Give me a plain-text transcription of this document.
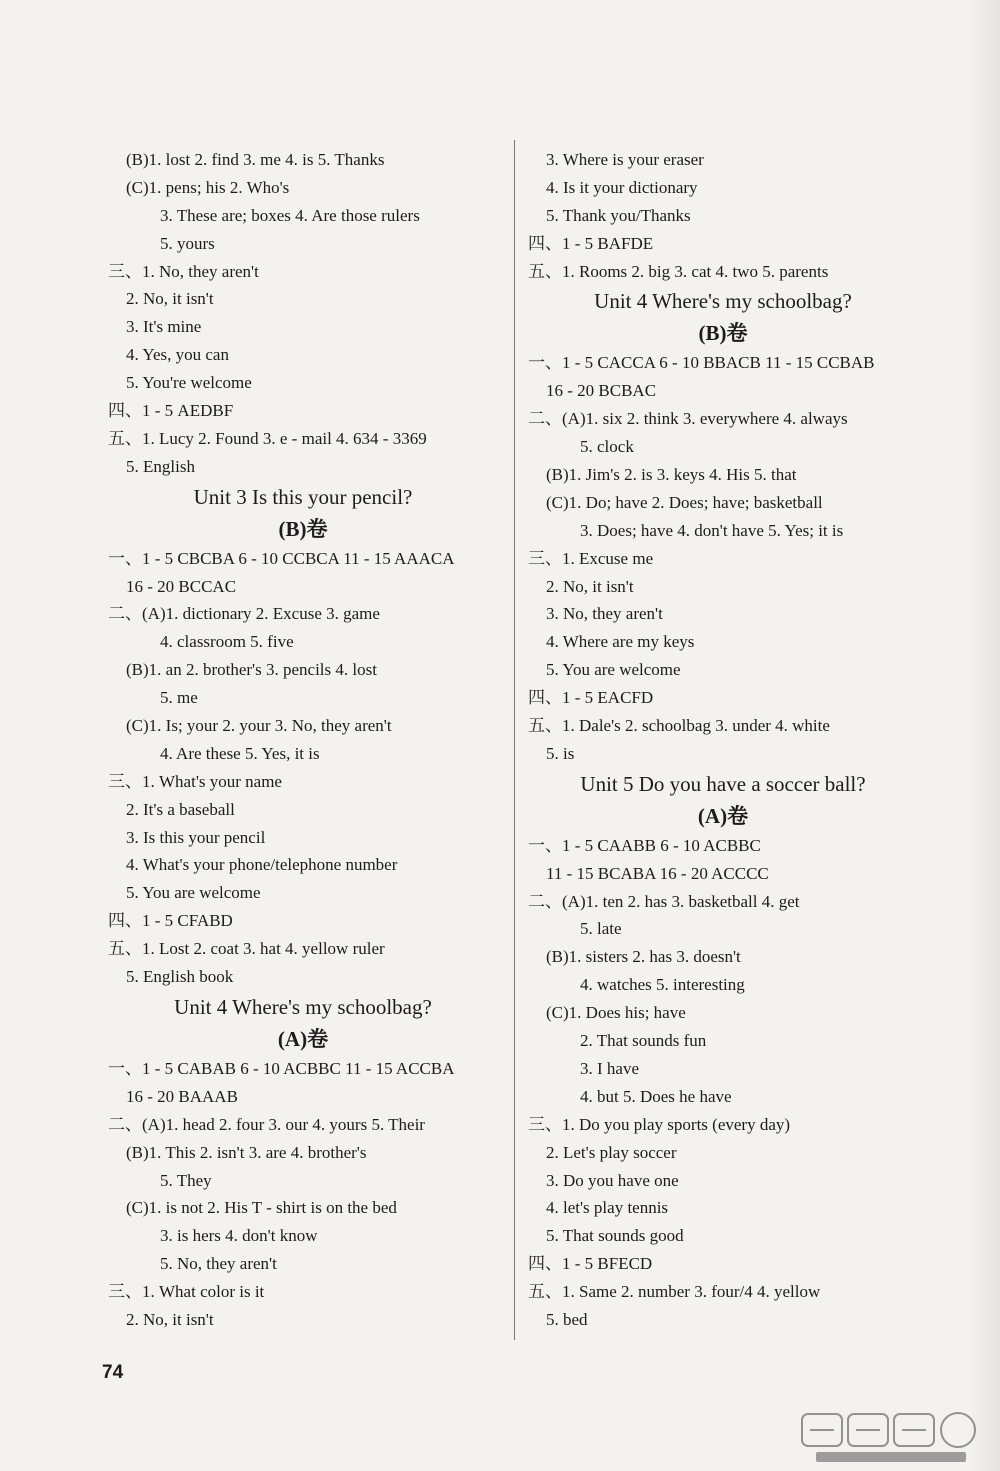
(B)1. lost 2. find 3. me 4. is 5. Thanks
(C)1. pens; his 2. Who's
3. These are; boxes 4. Are those rulers
5. yours
三、1. No, they aren't
2. No, it isn't
3. It's mine
4. Yes, you can
5. You're welcome
四、1 - 5 AEDBF
五、1. Lucy 2. Found 3. e - mail 4. 634 - 3369
5. English
Unit 3 Is this your pencil?
(B)卷
一、1 - 5 CBCBA 6 - 10 CCBCA 11 - 15 AAACA
16 - 20 BCCAC
二、(A)1. dictionary 2. Excuse 3. game
4. classroom 5. five
(B)1. an 2. brother's 3. pencils 4. lost
5. me
(C)1. Is; your 2. your 3. No, they aren't
4. Are these 5. Yes, it is
三、1. What's your name
2. It's a baseball
3. Is this your pencil
4. What's your phone/telephone number
5. You are welcome
四、1 - 5 CFABD
五、1. Lost 2. coat 3. hat 4. yellow ruler
5. English book
Unit 4 Where's my schoolbag?
(A)卷
一、1 - 5 CABAB 6 - 10 ACBBC 11 - 15 ACCBA
16 - 20 BAAAB
二、(A)1. head 2. four 3. our 4. yours 5. Their
(B)1. This 2. isn't 3. are 4. brother's
5. They
(C)1. is not 2. His T - shirt is on the bed
3. is hers 4. don't know
5. No, they aren't
三、1. What color is it
2. No, it isn't
3. Where is your eraser
4. Is it your dictionary
5. Thank you/Thanks
四、1 - 5 BAFDE
五、1. Rooms 2. big 3. cat 4. two 5. parents
Unit 4 Where's my schoolbag?
(B)卷
一、1 - 5 CACCA 6 - 10 BBACB 11 - 15 CCBAB
16 - 20 BCBAC
二、(A)1. six 2. think 3. everywhere 4. always
5. clock
(B)1. Jim's 2. is 3. keys 4. His 5. that
(C)1. Do; have 2. Does; have; basketball
3. Does; have 4. don't have 5. Yes; it is
三、1. Excuse me
2. No, it isn't
3. No, they aren't
4. Where are my keys
5. You are welcome
四、1 - 5 EACFD
五、1. Dale's 2. schoolbag 3. under 4. white
5. is
Unit 5 Do you have a soccer ball?
(A)卷
一、1 - 5 CAABB 6 - 10 ACBBC
11 - 15 BCABA 16 - 20 ACCCC
二、(A)1. ten 2. has 3. basketball 4. get
5. late
(B)1. sisters 2. has 3. doesn't
4. watches 5. interesting
(C)1. Does his; have
2. That sounds fun
3. I have
4. but 5. Does he have
三、1. Do you play sports (every day)
2. Let's play soccer
3. Do you have one
4. let's play tennis
5. That sounds good
四、1 - 5 BFECD
五、1. Same 2. number 3. four/4 4. yellow
5. bed
74
